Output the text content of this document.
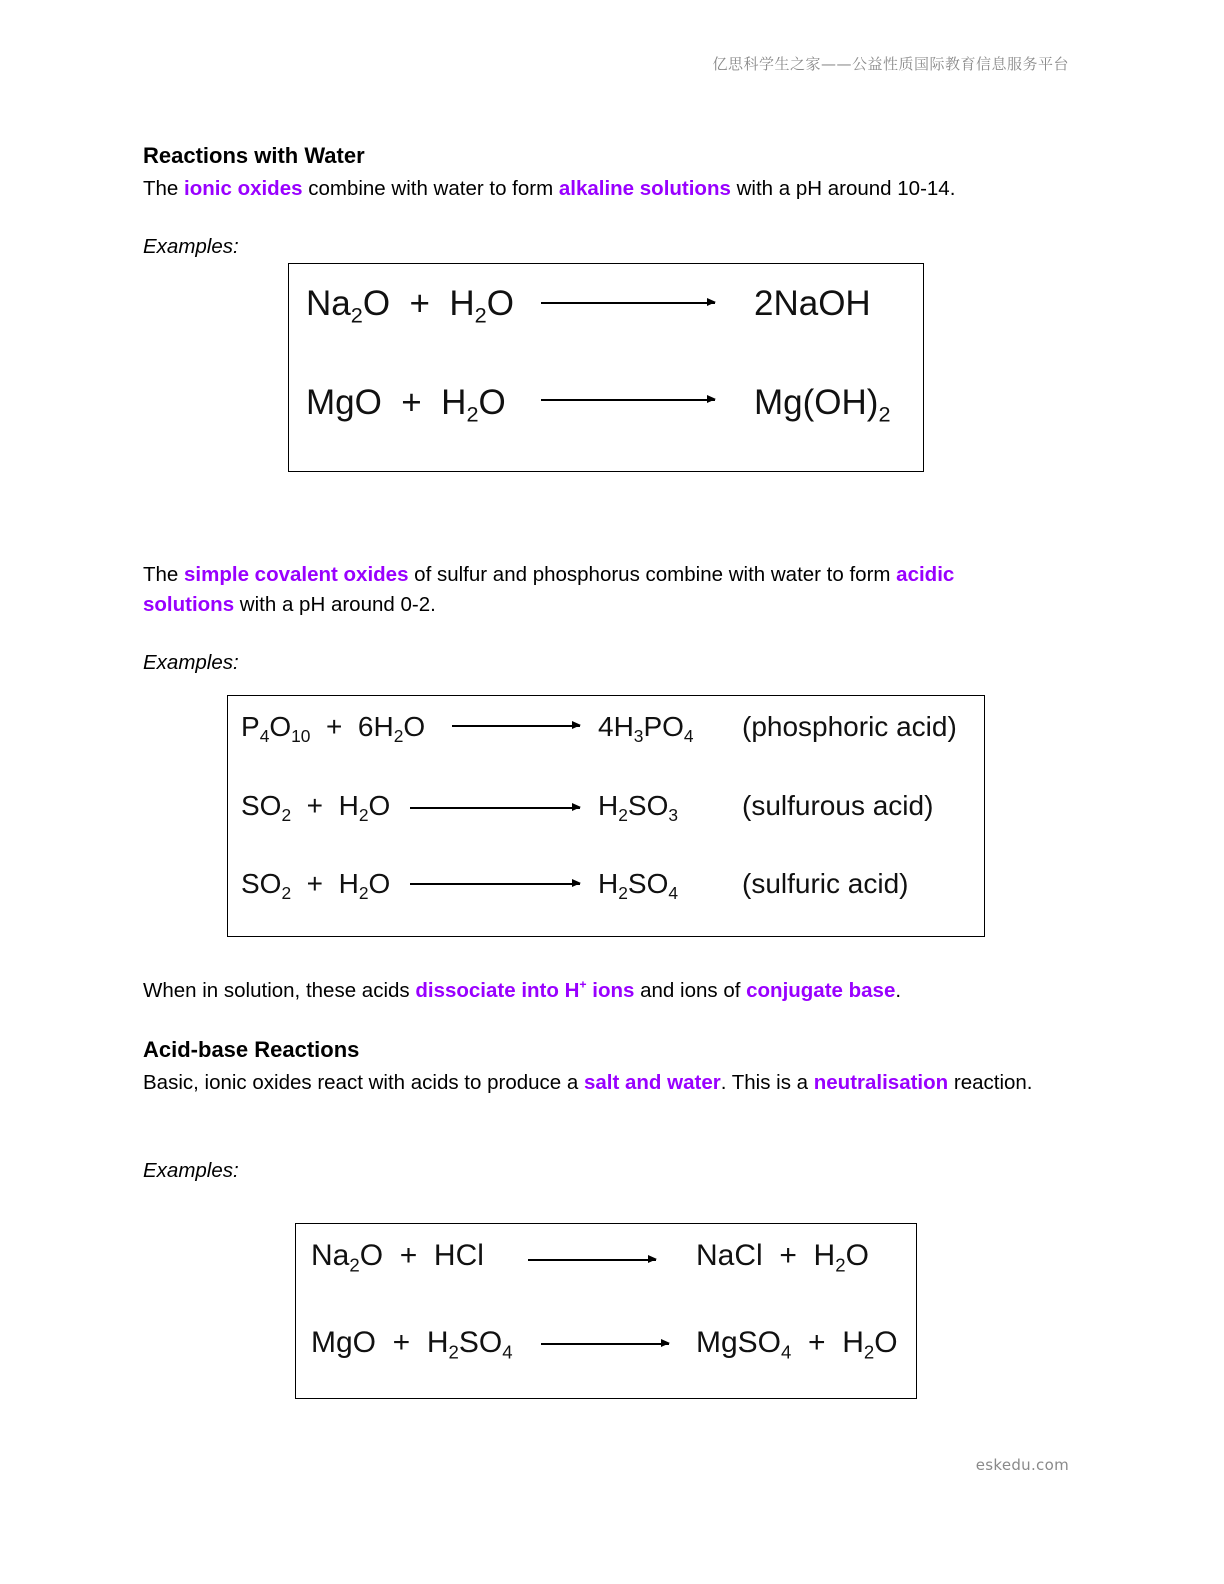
亿思科学生之家——公益性质国际教育信息服务平台
Reactions with Water

The ionic oxides combine with water to form alkaline solutions with a pH around 10-14.

Examples:

$Na_2O + H_2O$	2NaOH
MgO  +  $H_2O$	$Mg(OH)_2$

The simple covalent oxides of sulfur and phosphorus combine with water to form acidic solutions with a pH around 0-2.

Examples:

$P_4O_{10} + 6H_2O$	$4H_3PO_4$ (phosphoric acid)
$SO_2 + H_2O$	$H_2SO_3$ (sulfurous acid)
$SO_2 + H_2O$	$H_2SO_4$ (sulfuric acid)

When in solution, these acids dissociate into H+ ions and ions of conjugate base.

Acid-base Reactions

Basic, ionic oxides react with acids to produce a salt and water. This is a neutralisation reaction.

Examples:

$Na_2O$  +  HCl	NaCl  +  $H_2O$
MgO  +  $H_2SO_4$	MgSO$_4$  +  $H_2O$
eskedu.com
